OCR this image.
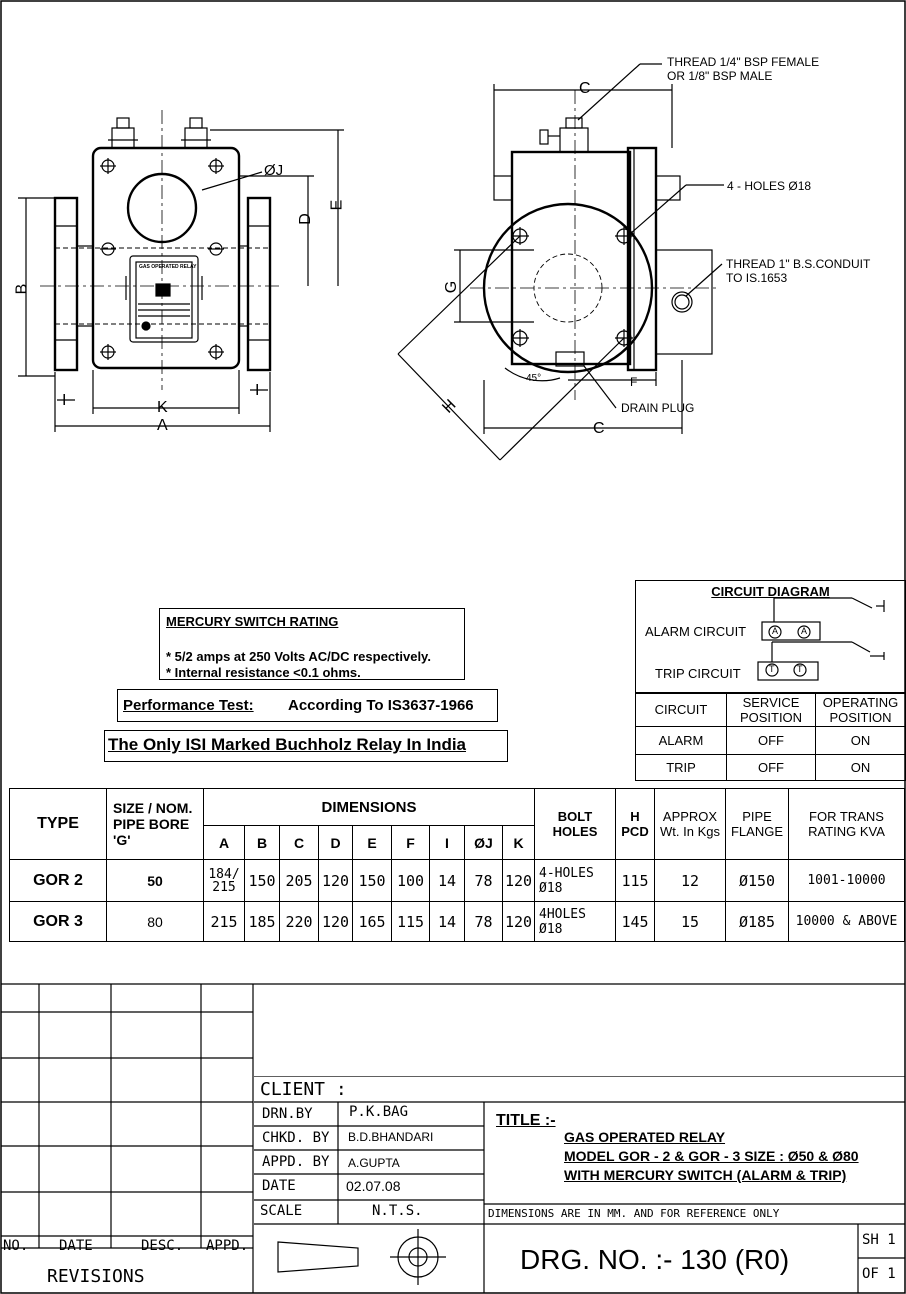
THREAD 1/4" BSP FEMALE
OR 1/8" BSP MALE
4 - HOLES Ø18
THREAD 1" B.S.CONDUIT
TO IS.1653
DRAIN PLUG
45°
GAS OPERATED RELAY
A
K
B
D
E
ØJ
I
I
C
C
F
G
H
MERCURY SWITCH RATING
* 5/2 amps at 250 Volts AC/DC respectively.
* Internal resistance <0.1 ohms.
Performance Test: According To IS3637-1966
The Only ISI Marked Buchholz Relay In India
CIRCUIT DIAGRAM
ALARM CIRCUIT
TRIP CIRCUIT
A	A
T	T
CIRCUIT	SERVICE POSITION	OPERATING POSITION
ALARM	OFF	ON
TRIP	OFF	ON
TYPE	SIZE / NOM. PIPE BORE 'G'	DIMENSIONS									BOLT HOLES	H PCD	APPROX Wt. In Kgs	PIPE FLANGE	FOR TRANS RATING KVA
		A	B	C	D	E	F	I	ØJ	K					
GOR 2	50	184/ 215	150	205	120	150	100	14	78	120	4-HOLES Ø18	115	12	Ø150	1001-10000
GOR 3	80	215	185	220	120	165	115	14	78	120	4HOLES Ø18	145	15	Ø185	10000 & ABOVE
NO. DATE	DESC. APPD.
REVISIONS
CLIENT :
DRN.BY	P.K.BAG
CHKD. BY B.D.BHANDARI
APPD. BY A.GUPTA
DATE	02.07.08
SCALE	N.T.S.
TITLE :-
GAS OPERATED RELAY
MODEL GOR - 2 & GOR - 3 SIZE : Ø50 & Ø80
WITH MERCURY SWITCH (ALARM & TRIP)
DIMENSIONS ARE IN MM. AND FOR REFERENCE ONLY
DRG. NO. :- 130 (R0)
SH 1
OF 1
